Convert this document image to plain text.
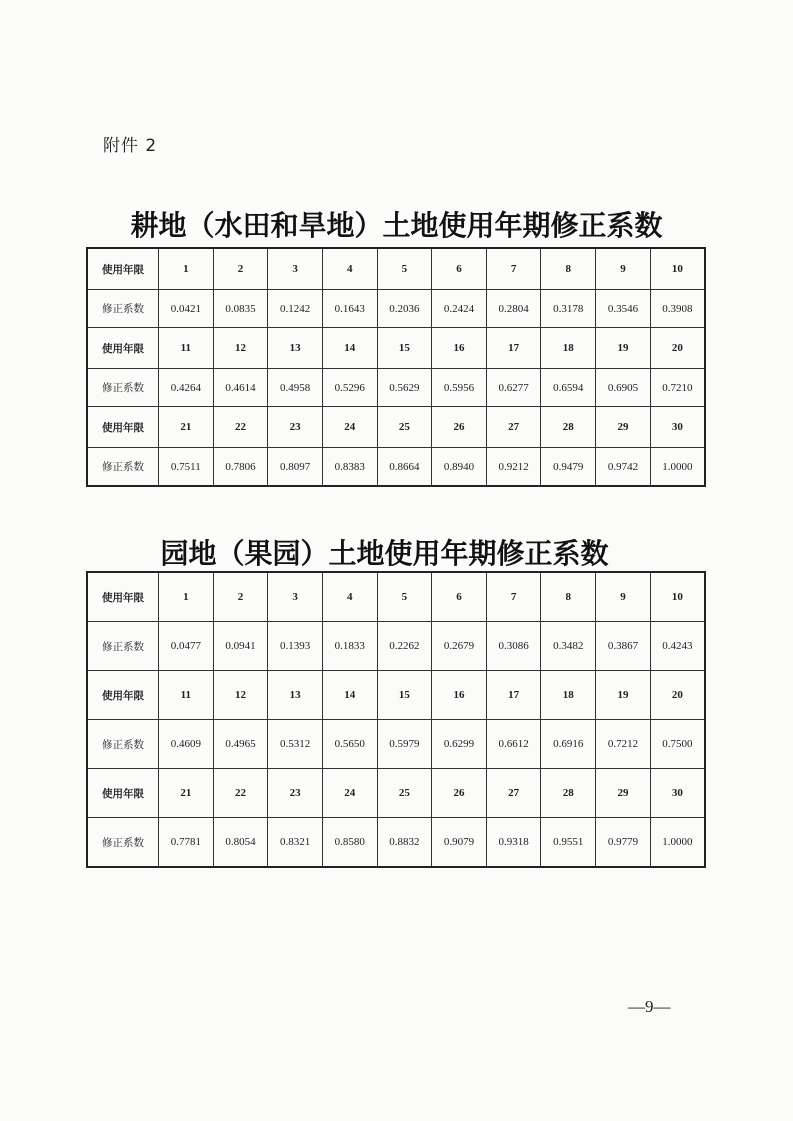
附件 2
耕地（水田和旱地）土地使用年期修正系数
使用年限	1	2	3	4	5	6	7	8	9	10
修正系数	0.0421	0.0835	0.1242	0.1643	0.2036	0.2424	0.2804	0.3178	0.3546	0.3908
使用年限	11	12	13	14	15	16	17	18	19	20
修正系数	0.4264	0.4614	0.4958	0.5296	0.5629	0.5956	0.6277	0.6594	0.6905	0.7210
使用年限	21	22	23	24	25	26	27	28	29	30
修正系数	0.7511	0.7806	0.8097	0.8383	0.8664	0.8940	0.9212	0.9479	0.9742	1.0000
园地（果园）土地使用年期修正系数
使用年限	1	2	3	4	5	6	7	8	9	10
修正系数	0.0477	0.0941	0.1393	0.1833	0.2262	0.2679	0.3086	0.3482	0.3867	0.4243
使用年限	11	12	13	14	15	16	17	18	19	20
修正系数	0.4609	0.4965	0.5312	0.5650	0.5979	0.6299	0.6612	0.6916	0.7212	0.7500
使用年限	21	22	23	24	25	26	27	28	29	30
修正系数	0.7781	0.8054	0.8321	0.8580	0.8832	0.9079	0.9318	0.9551	0.9779	1.0000
—9—
